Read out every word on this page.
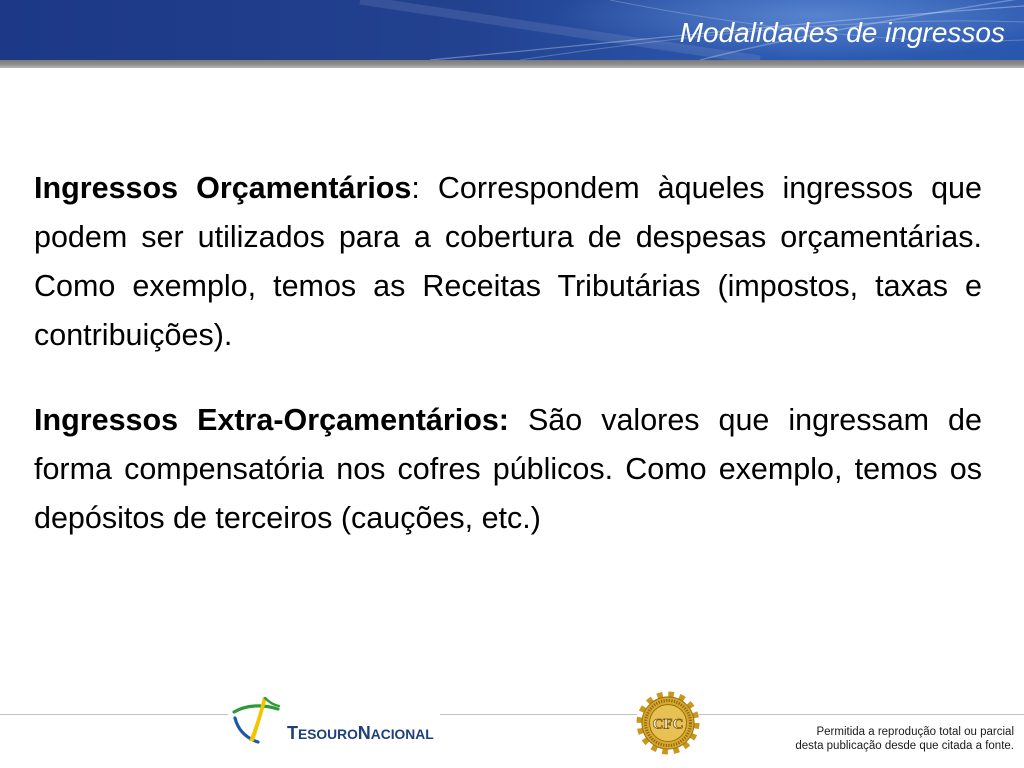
Modalidades de ingressos

Ingressos Orçamentários: Correspondem àqueles ingressos que podem ser utilizados para a cobertura de despesas orçamentárias. Como exemplo, temos as Receitas Tributárias (impostos, taxas e contribuições).

Ingressos Extra-Orçamentários: São valores que ingressam de forma compensatória nos cofres públicos. Como exemplo, temos os depósitos de terceiros (cauções, etc.)

TESOURONACIONAL
CFC	Permitida a reprodução total ou parcial
desta publicação desde que citada a fonte.
